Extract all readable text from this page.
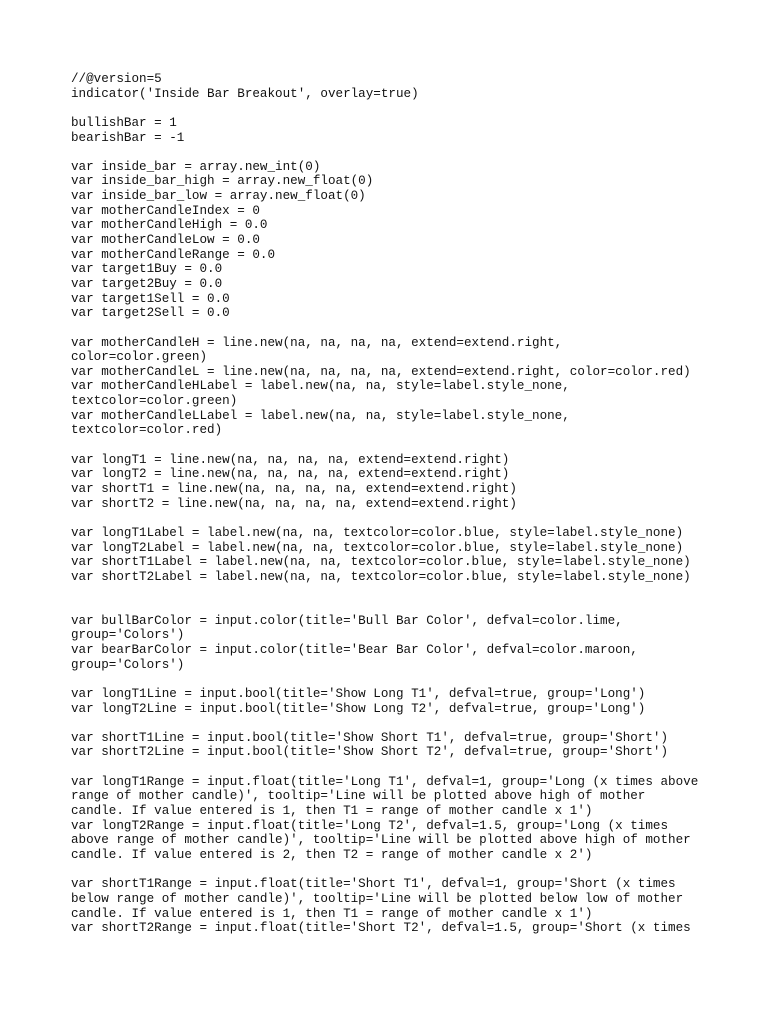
//@version=5
indicator('Inside Bar Breakout', overlay=true)
bullishBar = 1
bearishBar = -1
var inside_bar = array.new_int(0)
var inside_bar_high = array.new_float(0)
var inside_bar_low = array.new_float(0)
var motherCandleIndex = 0
var motherCandleHigh = 0.0
var motherCandleLow = 0.0
var motherCandleRange = 0.0
var target1Buy = 0.0
var target2Buy = 0.0
var target1Sell = 0.0
var target2Sell = 0.0
var motherCandleH = line.new(na, na, na, na, extend=extend.right,
color=color.green)
var motherCandleL = line.new(na, na, na, na, extend=extend.right, color=color.red)
var motherCandleHLabel = label.new(na, na, style=label.style_none,
textcolor=color.green)
var motherCandleLLabel = label.new(na, na, style=label.style_none,
textcolor=color.red)
var longT1 = line.new(na, na, na, na, extend=extend.right)
var longT2 = line.new(na, na, na, na, extend=extend.right)
var shortT1 = line.new(na, na, na, na, extend=extend.right)
var shortT2 = line.new(na, na, na, na, extend=extend.right)
var longT1Label = label.new(na, na, textcolor=color.blue, style=label.style_none)
var longT2Label = label.new(na, na, textcolor=color.blue, style=label.style_none)
var shortT1Label = label.new(na, na, textcolor=color.blue, style=label.style_none)
var shortT2Label = label.new(na, na, textcolor=color.blue, style=label.style_none)
var bullBarColor = input.color(title='Bull Bar Color', defval=color.lime,
group='Colors')
var bearBarColor = input.color(title='Bear Bar Color', defval=color.maroon,
group='Colors')
var longT1Line = input.bool(title='Show Long T1', defval=true, group='Long')
var longT2Line = input.bool(title='Show Long T2', defval=true, group='Long')
var shortT1Line = input.bool(title='Show Short T1', defval=true, group='Short')
var shortT2Line = input.bool(title='Show Short T2', defval=true, group='Short')
var longT1Range = input.float(title='Long T1', defval=1, group='Long (x times above
range of mother candle)', tooltip='Line will be plotted above high of mother
candle. If value entered is 1, then T1 = range of mother candle x 1')
var longT2Range = input.float(title='Long T2', defval=1.5, group='Long (x times
above range of mother candle)', tooltip='Line will be plotted above high of mother
candle. If value entered is 2, then T2 = range of mother candle x 2')
var shortT1Range = input.float(title='Short T1', defval=1, group='Short (x times
below range of mother candle)', tooltip='Line will be plotted below low of mother
candle. If value entered is 1, then T1 = range of mother candle x 1')
var shortT2Range = input.float(title='Short T2', defval=1.5, group='Short (x times
